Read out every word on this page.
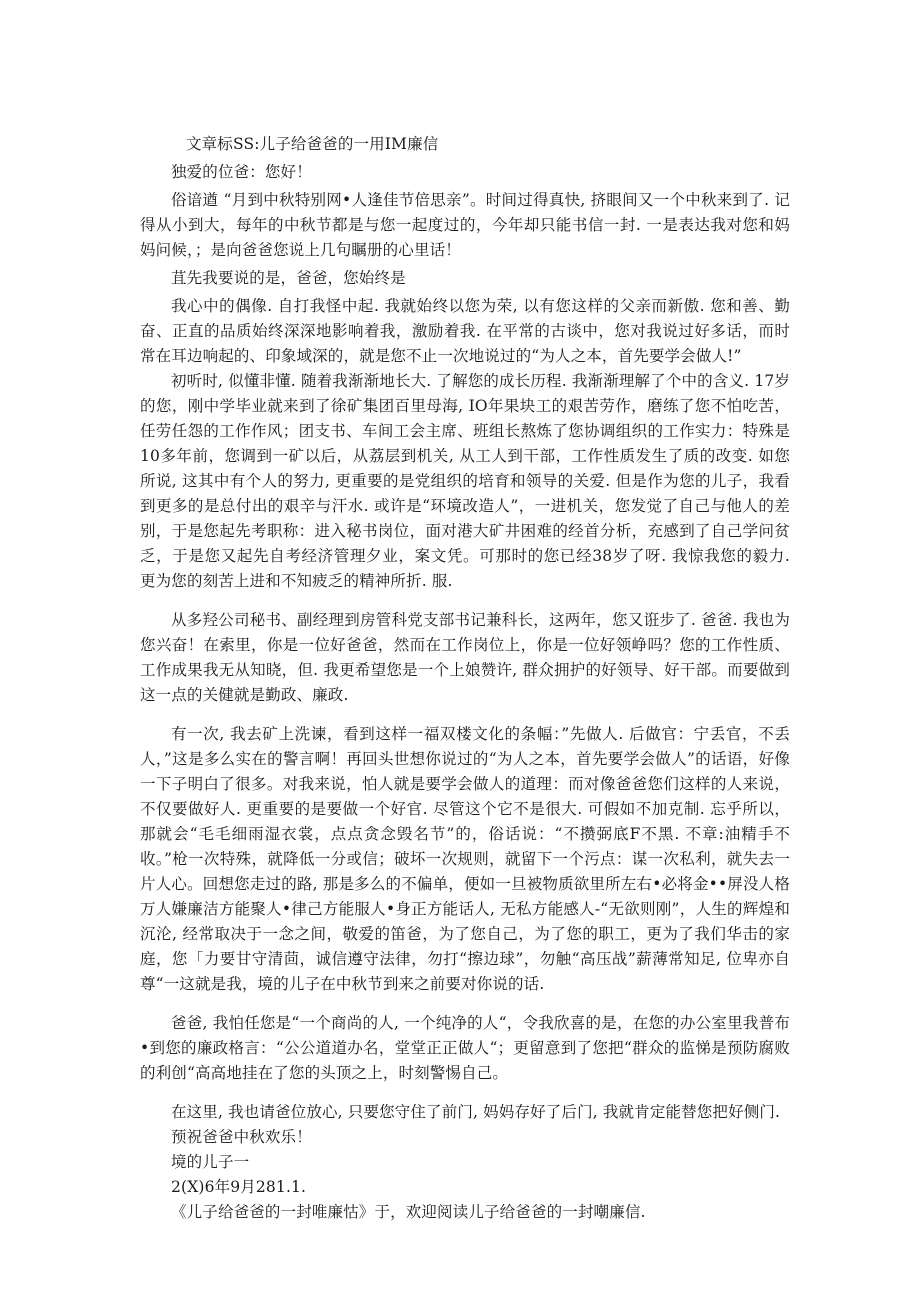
文章标SS:儿子给爸爸的一用IM廉信

独爱的位爸：您好！

俗谙遒 “月到中秋特别网•人逢佳节倍思亲”。时间过得真快, 挤眼间又一个中秋来到了. 记得从小到大，每年的中秋节都是与您一起度过的，今年却只能书信一封. 一是表达我对您和妈妈问候，；是向爸爸您说上几句瞩册的心里话！

苴先我要说的是，爸爸，您始终是

我心中的偶像. 自打我怪中起. 我就始终以您为荣, 以有您这样的父亲而新傲. 您和善、勤奋、正直的品质始终深深地影响着我，激励着我. 在平常的古谈中，您对我说过好多话，而时常在耳边响起的、印象域深的，就是您不止一次地说过的“为人之本，首先要学会做人!”

初听时, 似懂非懂. 随着我渐渐地长大. 了解您的成长历程. 我渐渐理解了个中的含义. 17岁的您，刚中学毕业就来到了徐矿集团百里母海, IO年果块工的艰苦劳作，磨练了您不怕吃苦，任劳任怨的工作作风；团支书、车间工会主席、班组长熬炼了您协调组织的工作实力：特殊是10多年前，您调到一矿以后，从荔层到机关, 从工人到干部，工作性质发生了质的改变. 如您所说, 这其中有个人的努力, 更重要的是党组织的培育和领导的关爱. 但是作为您的儿子，我看到更多的是总付出的艰辛与汗水. 或许是“环境改造人”，一进机关，您发觉了自己与他人的差别，于是您起先考职称：进入秘书岗位，面对港大矿井困难的经首分析，充感到了自己学问贫乏，于是您又起先自考经济管理夕业，案文凭。可那时的您已经38岁了呀. 我惊我您的毅力. 更为您的刻苦上进和不知疲乏的精神所折. 服.

从多羟公司秘书、副经理到房管科党支部书记兼科长，这两年，您又诳步了. 爸爸. 我也为您兴奋！在索里，你是一位好爸爸，然而在工作岗位上，你是一位好领峥吗？您的工作性质、工作成果我无从知晓，但. 我更希望您是一个上娘赞许, 群众拥护的好领导、好干部。而要做到这一点的关健就是勤政、廉政.

有一次, 我去矿上洗谏，看到这样一福双楼文化的条幅：”先做人. 后做官：宁丢官，不丢人，”这是多么实在的警言啊！再回头世想你说过的“为人之本，首先要学会做人”的话语，好像一下子明白了很多。对我来说，怕人就是要学会做人的道理：而对像爸爸您们这样的人来说，不仅要做好人. 更重要的是要做一个好官. 尽管这个它不是很大. 可假如不加克制. 忘乎所以，那就会“毛毛细雨湿衣裳，点点贪念毁名节”的，俗话说：“不攒弼底F不黑. 不章:油精手不收。”枪一次特殊，就降低一分或信；破坏一次规则，就留下一个污点：谋一次私利，就失去一片人心。回想您走过的路, 那是多么的不偏单，便如一旦被物质欲里所左右•必将金••屏没人格万人嫌廉洁方能聚人•律己方能服人•身正方能话人, 无私方能感人-“无欲则刚”，人生的辉煌和沉沦, 经常取决于一念之间，敬爱的笛爸，为了您自己，为了您的职工，更为了我们华击的家庭，您「力要甘守清茴，诚信遵守法律，勿打“擦边球”，勿触“高压战”薪薄常知足, 位卑亦自尊“一这就是我，境的儿子在中秋节到来之前要对你说的话.

爸爸, 我怕任您是“一个商尚的人, 一个纯净的人“，令我欣喜的是，在您的办公室里我普布•到您的廉政格言：“公公道道办名，堂堂正正做人“；更留意到了您把“群众的监悌是预防腐败的利创“高高地挂在了您的头顶之上，时刻警惕自己。

在这里, 我也请爸位放心, 只要您守住了前门, 妈妈存好了后门, 我就肯定能替您把好侧门.

预祝爸爸中秋欢乐！

境的儿子一

2(X)6年9月281.1.

《儿子给爸爸的一封唯廉怙》于，欢迎阅读儿子给爸爸的一封嘲廉信.
